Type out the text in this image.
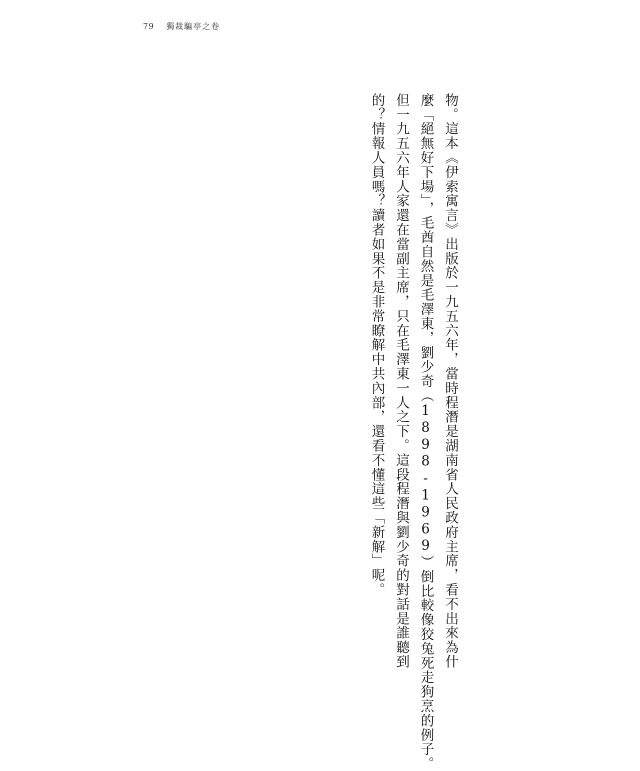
79 獨裁騙亭之卷
物。這本《伊索寓言》出版於一九五六年，當時程潛是湖南省人民政府主席，看不出來為什
麼「絕無好下場」，毛酋自然是毛澤東，劉少奇（1898-1969）倒比較像狡兔死走狗烹的例子。
但一九五六年人家還在當副主席，只在毛澤東一人之下。這段程潛與劉少奇的對話是誰聽到
的？情報人員嗎？讀者如果不是非常瞭解中共內部，還看不懂這些「新解」呢。
